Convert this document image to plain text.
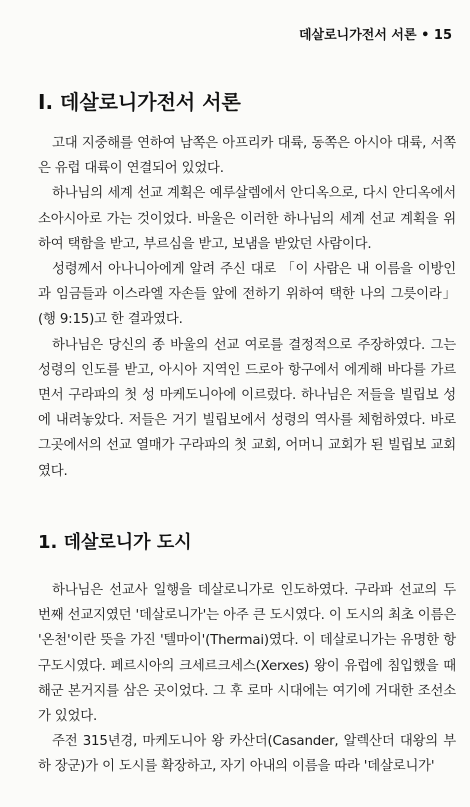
데살로니가전서 서론 • 15
I. 데살로니가전서 서론

고대 지중해를 연하여 남쪽은 아프리카 대륙, 동쪽은 아시아 대륙, 서쪽은 유럽 대륙이 연결되어 있었다.

하나님의 세계 선교 계획은 예루살렘에서 안디옥으로, 다시 안디옥에서 소아시아로 가는 것이었다. 바울은 이러한 하나님의 세계 선교 계획을 위하여 택함을 받고, 부르심을 받고, 보냄을 받았던 사람이다.

성령께서 아나니아에게 알려 주신 대로 「이 사람은 내 이름을 이방인과 임금들과 이스라엘 자손들 앞에 전하기 위하여 택한 나의 그릇이라」(행 9:15)고 한 결과였다.

하나님은 당신의 종 바울의 선교 여로를 결정적으로 주장하였다. 그는 성령의 인도를 받고, 아시아 지역인 드로아 항구에서 에게해 바다를 가르면서 구라파의 첫 성 마케도니아에 이르렀다. 하나님은 저들을 빌립보 성에 내려놓았다. 저들은 거기 빌립보에서 성령의 역사를 체험하였다. 바로 그곳에서의 선교 열매가 구라파의 첫 교회, 어머니 교회가 된 빌립보 교회였다.

1. 데살로니가 도시

하나님은 선교사 일행을 데살로니가로 인도하였다. 구라파 선교의 두 번째 선교지였던 '데살로니가'는 아주 큰 도시였다. 이 도시의 최초 이름은 '온천'이란 뜻을 가진 '텔마이'(Thermai)였다. 이 데살로니가는 유명한 항구도시였다. 페르시아의 크세르크세스(Xerxes) 왕이 유럽에 침입했을 때 해군 본거지를 삼은 곳이었다. 그 후 로마 시대에는 여기에 거대한 조선소가 있었다.

주전 315년경, 마케도니아 왕 카산더(Casander, 알렉산더 대왕의 부하 장군)가 이 도시를 확장하고, 자기 아내의 이름을 따라 '데살로니가'
